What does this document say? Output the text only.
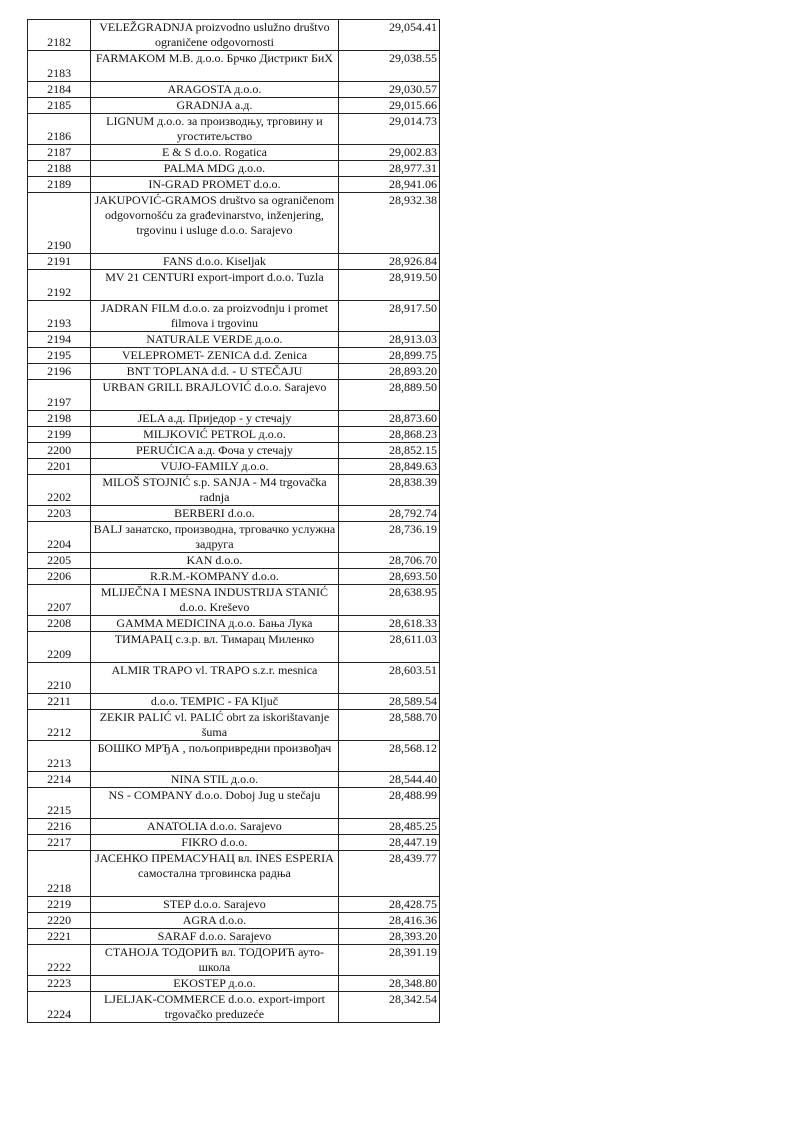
2182	VELEŽGRADNJA proizvodno uslužno društvo ograničene odgovornosti	29,054.41
2183	FARMAKOM M.B. д.о.о. Брчко Дистрикт БиХ	29,038.55
2184	ARAGOSTA д.о.о.	29,030.57
2185	GRADNJA а.д.	29,015.66
2186	LIGNUM д.о.о. за производњу, трговину и угоститељство	29,014.73
2187	E & S d.o.o. Rogatica	29,002.83
2188	PALMA MDG д.о.о.	28,977.31
2189	IN-GRAD PROMET d.o.o.	28,941.06
2190	JAKUPOVIĆ-GRAMOS društvo sa ograničenom odgovornošću za građevinarstvo, inženjering, trgovinu i usluge d.o.o. Sarajevo	28,932.38
2191	FANS d.o.o. Kiseljak	28,926.84
2192	MV 21 CENTURI export-import d.o.o. Tuzla	28,919.50
2193	JADRAN FILM d.o.o. za proizvodnju i promet filmova i trgovinu	28,917.50
2194	NATURALE VERDE д.о.о.	28,913.03
2195	VELEPROMET- ZENICA d.d. Zenica	28,899.75
2196	BNT TOPLANA d.d. - U STEČAJU	28,893.20
2197	URBAN GRILL BRAJLOVIĆ d.o.o. Sarajevo	28,889.50
2198	JELA а.д. Приједор - у стечају	28,873.60
2199	MILJKOVIĆ PETROL д.о.о.	28,868.23
2200	PERUĆICA а.д. Фоча у стечају	28,852.15
2201	VUJO-FAMILY д.о.о.	28,849.63
2202	MILOŠ STOJNIĆ s.p. SANJA - M4 trgovačka radnja	28,838.39
2203	BERBERI d.o.o.	28,792.74
2204	BALJ занатско, производна, трговачко услужна задруга	28,736.19
2205	KAN d.o.o.	28,706.70
2206	R.R.M.-KOMPANY d.o.o.	28,693.50
2207	MLIJEČNA I MESNA INDUSTRIJA STANIĆ d.o.o. Kreševo	28,638.95
2208	GAMMA MEDICINA д.о.о. Бања Лука	28,618.33
2209	ТИМАРАЦ с.з.р. вл. Тимарац Миленко	28,611.03
2210	ALMIR TRAPO vl. TRAPO s.z.r. mesnica	28,603.51
2211	d.o.o. TEMPIC - FA Ključ	28,589.54
2212	ZEKIR PALIĆ vl. PALIĆ obrt za iskorištavanje šuma	28,588.70
2213	БОШКО МРЂА , пољопривредни произвођач	28,568.12
2214	NINA STIL д.о.о.	28,544.40
2215	NS - COMPANY d.o.o. Doboj Jug u stečaju	28,488.99
2216	ANATOLIA d.o.o. Sarajevo	28,485.25
2217	FIKRO d.o.o.	28,447.19
2218	ЈАСЕНКО ПРЕМАСУНАЦ вл. INES ESPERIA самостална трговинска радња	28,439.77
2219	STEP d.o.o. Sarajevo	28,428.75
2220	AGRA d.o.o.	28,416.36
2221	SARAF d.o.o. Sarajevo	28,393.20
2222	СТАНОЈА ТОДОРИЋ вл. ТОДОРИЋ ауто-школа	28,391.19
2223	EKOSTEP д.о.о.	28,348.80
2224	LJELJAK-COMMERCE d.o.o. export-import trgovačko preduzeće	28,342.54
